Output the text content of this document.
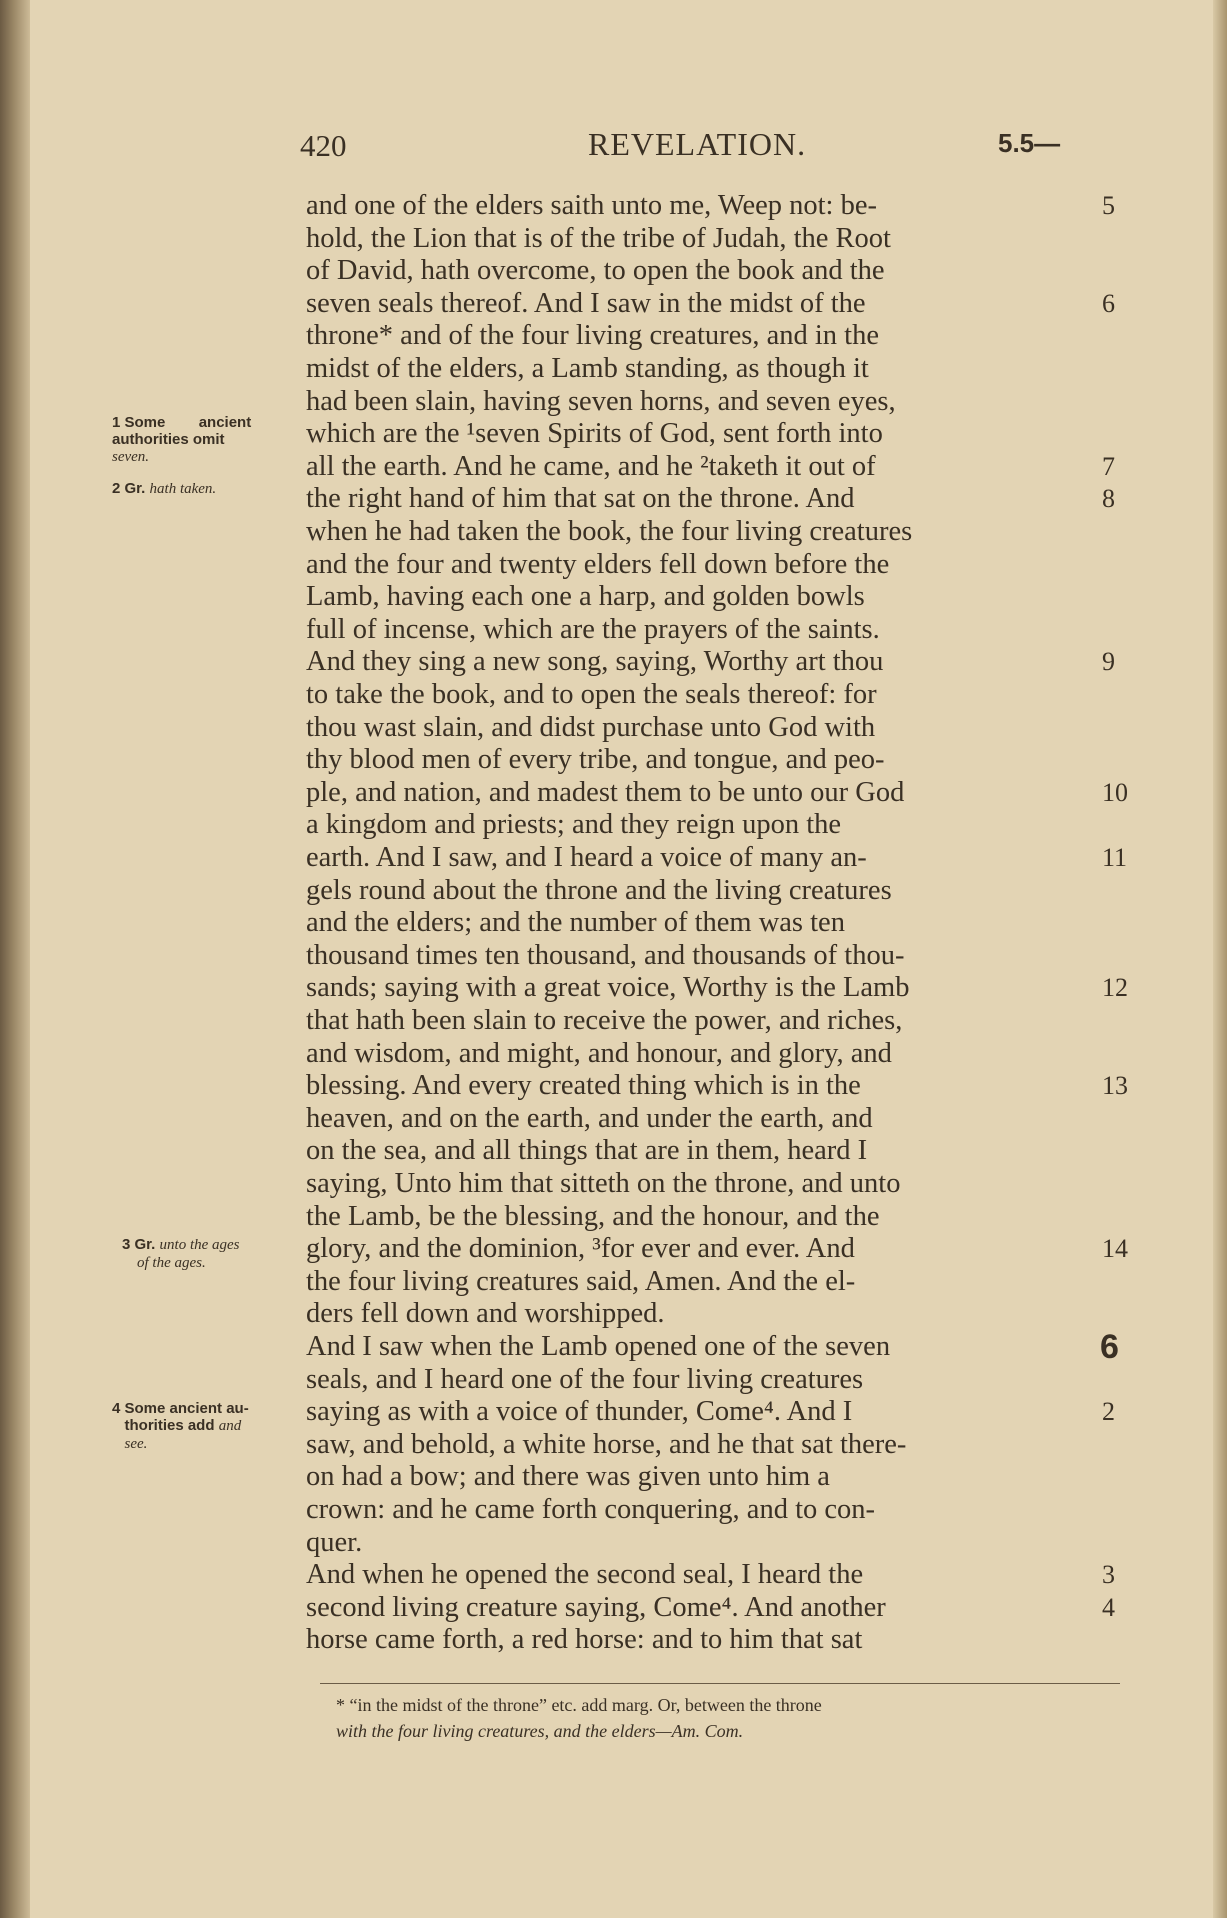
420	REVELATION.	5.5—
and one of the elders saith unto me, Weep not: be-
hold, the Lion that is of the tribe of Judah, the Root
of David, hath overcome, to open the book and the
seven seals thereof. And I saw in the midst of the
throne* and of the four living creatures, and in the
midst of the elders, a Lamb standing, as though it
had been slain, having seven horns, and seven eyes,
which are the ¹seven Spirits of God, sent forth into
all the earth. And he came, and he ²taketh it out of
the right hand of him that sat on the throne. And
when he had taken the book, the four living creatures
and the four and twenty elders fell down before the
Lamb, having each one a harp, and golden bowls
full of incense, which are the prayers of the saints.
And they sing a new song, saying, Worthy art thou
to take the book, and to open the seals thereof: for
thou wast slain, and didst purchase unto God with
thy blood men of every tribe, and tongue, and peo-
ple, and nation, and madest them to be unto our God
a kingdom and priests; and they reign upon the
earth. And I saw, and I heard a voice of many an-
gels round about the throne and the living creatures
and the elders; and the number of them was ten
thousand times ten thousand, and thousands of thou-
sands; saying with a great voice, Worthy is the Lamb
that hath been slain to receive the power, and riches,
and wisdom, and might, and honour, and glory, and
blessing. And every created thing which is in the
heaven, and on the earth, and under the earth, and
on the sea, and all things that are in them, heard I
saying, Unto him that sitteth on the throne, and unto
the Lamb, be the blessing, and the honour, and the
glory, and the dominion, ³for ever and ever. And
the four living creatures said, Amen. And the el-
ders fell down and worshipped.
And I saw when the Lamb opened one of the seven
seals, and I heard one of the four living creatures
saying as with a voice of thunder, Come⁴. And I
saw, and behold, a white horse, and he that sat there-
on had a bow; and there was given unto him a
crown: and he came forth conquering, and to con-
quer.
And when he opened the second seal, I heard the
second living creature saying, Come⁴. And another
horse came forth, a red horse: and to him that sat
5
6
7
8
9
10
11
12
13
14
6
2
3
4
1 Some        ancient
authorities omit
seven.
2 Gr. hath taken.
3 Gr. unto the ages
of the ages.
4 Some ancient au-
thorities add and
see.
* “in the midst of the throne” etc. add marg. Or, between the throne
with the four living creatures, and the elders—Am. Com.
